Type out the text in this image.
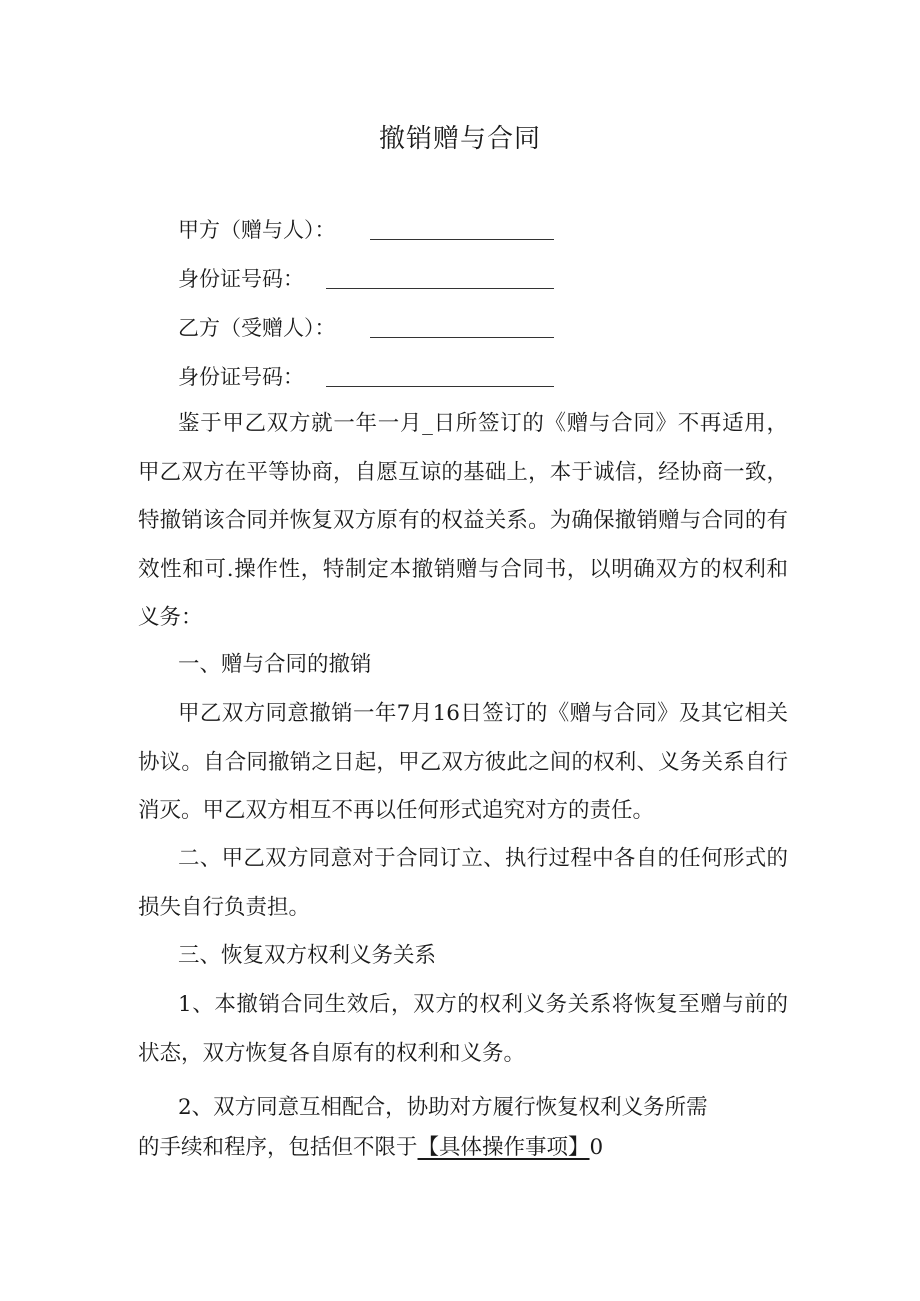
撤销赠与合同
甲方（赠与人）：
身份证号码：
乙方（受赠人）：
身份证号码：

鉴于甲乙双方就一年一月_日所签订的《赠与合同》不再适用，甲乙双方在平等协商，自愿互谅的基础上，本于诚信，经协商一致，特撤销该合同并恢复双方原有的权益关系。为确保撤销赠与合同的有效性和可.操作性，特制定本撤销赠与合同书，以明确双方的权利和义务：

一、赠与合同的撤销

甲乙双方同意撤销一年7月16日签订的《赠与合同》及其它相关协议。自合同撤销之日起，甲乙双方彼此之间的权利、义务关系自行消灭。甲乙双方相互不再以任何形式追究对方的责任。

二、甲乙双方同意对于合同订立、执行过程中各自的任何形式的损失自行负责担。

三、恢复双方权利义务关系

1、本撤销合同生效后，双方的权利义务关系将恢复至赠与前的状态，双方恢复各自原有的权利和义务。

2、双方同意互相配合，协助对方履行恢复权利义务所需

的手续和程序，包括但不限于【具体操作事项】0
